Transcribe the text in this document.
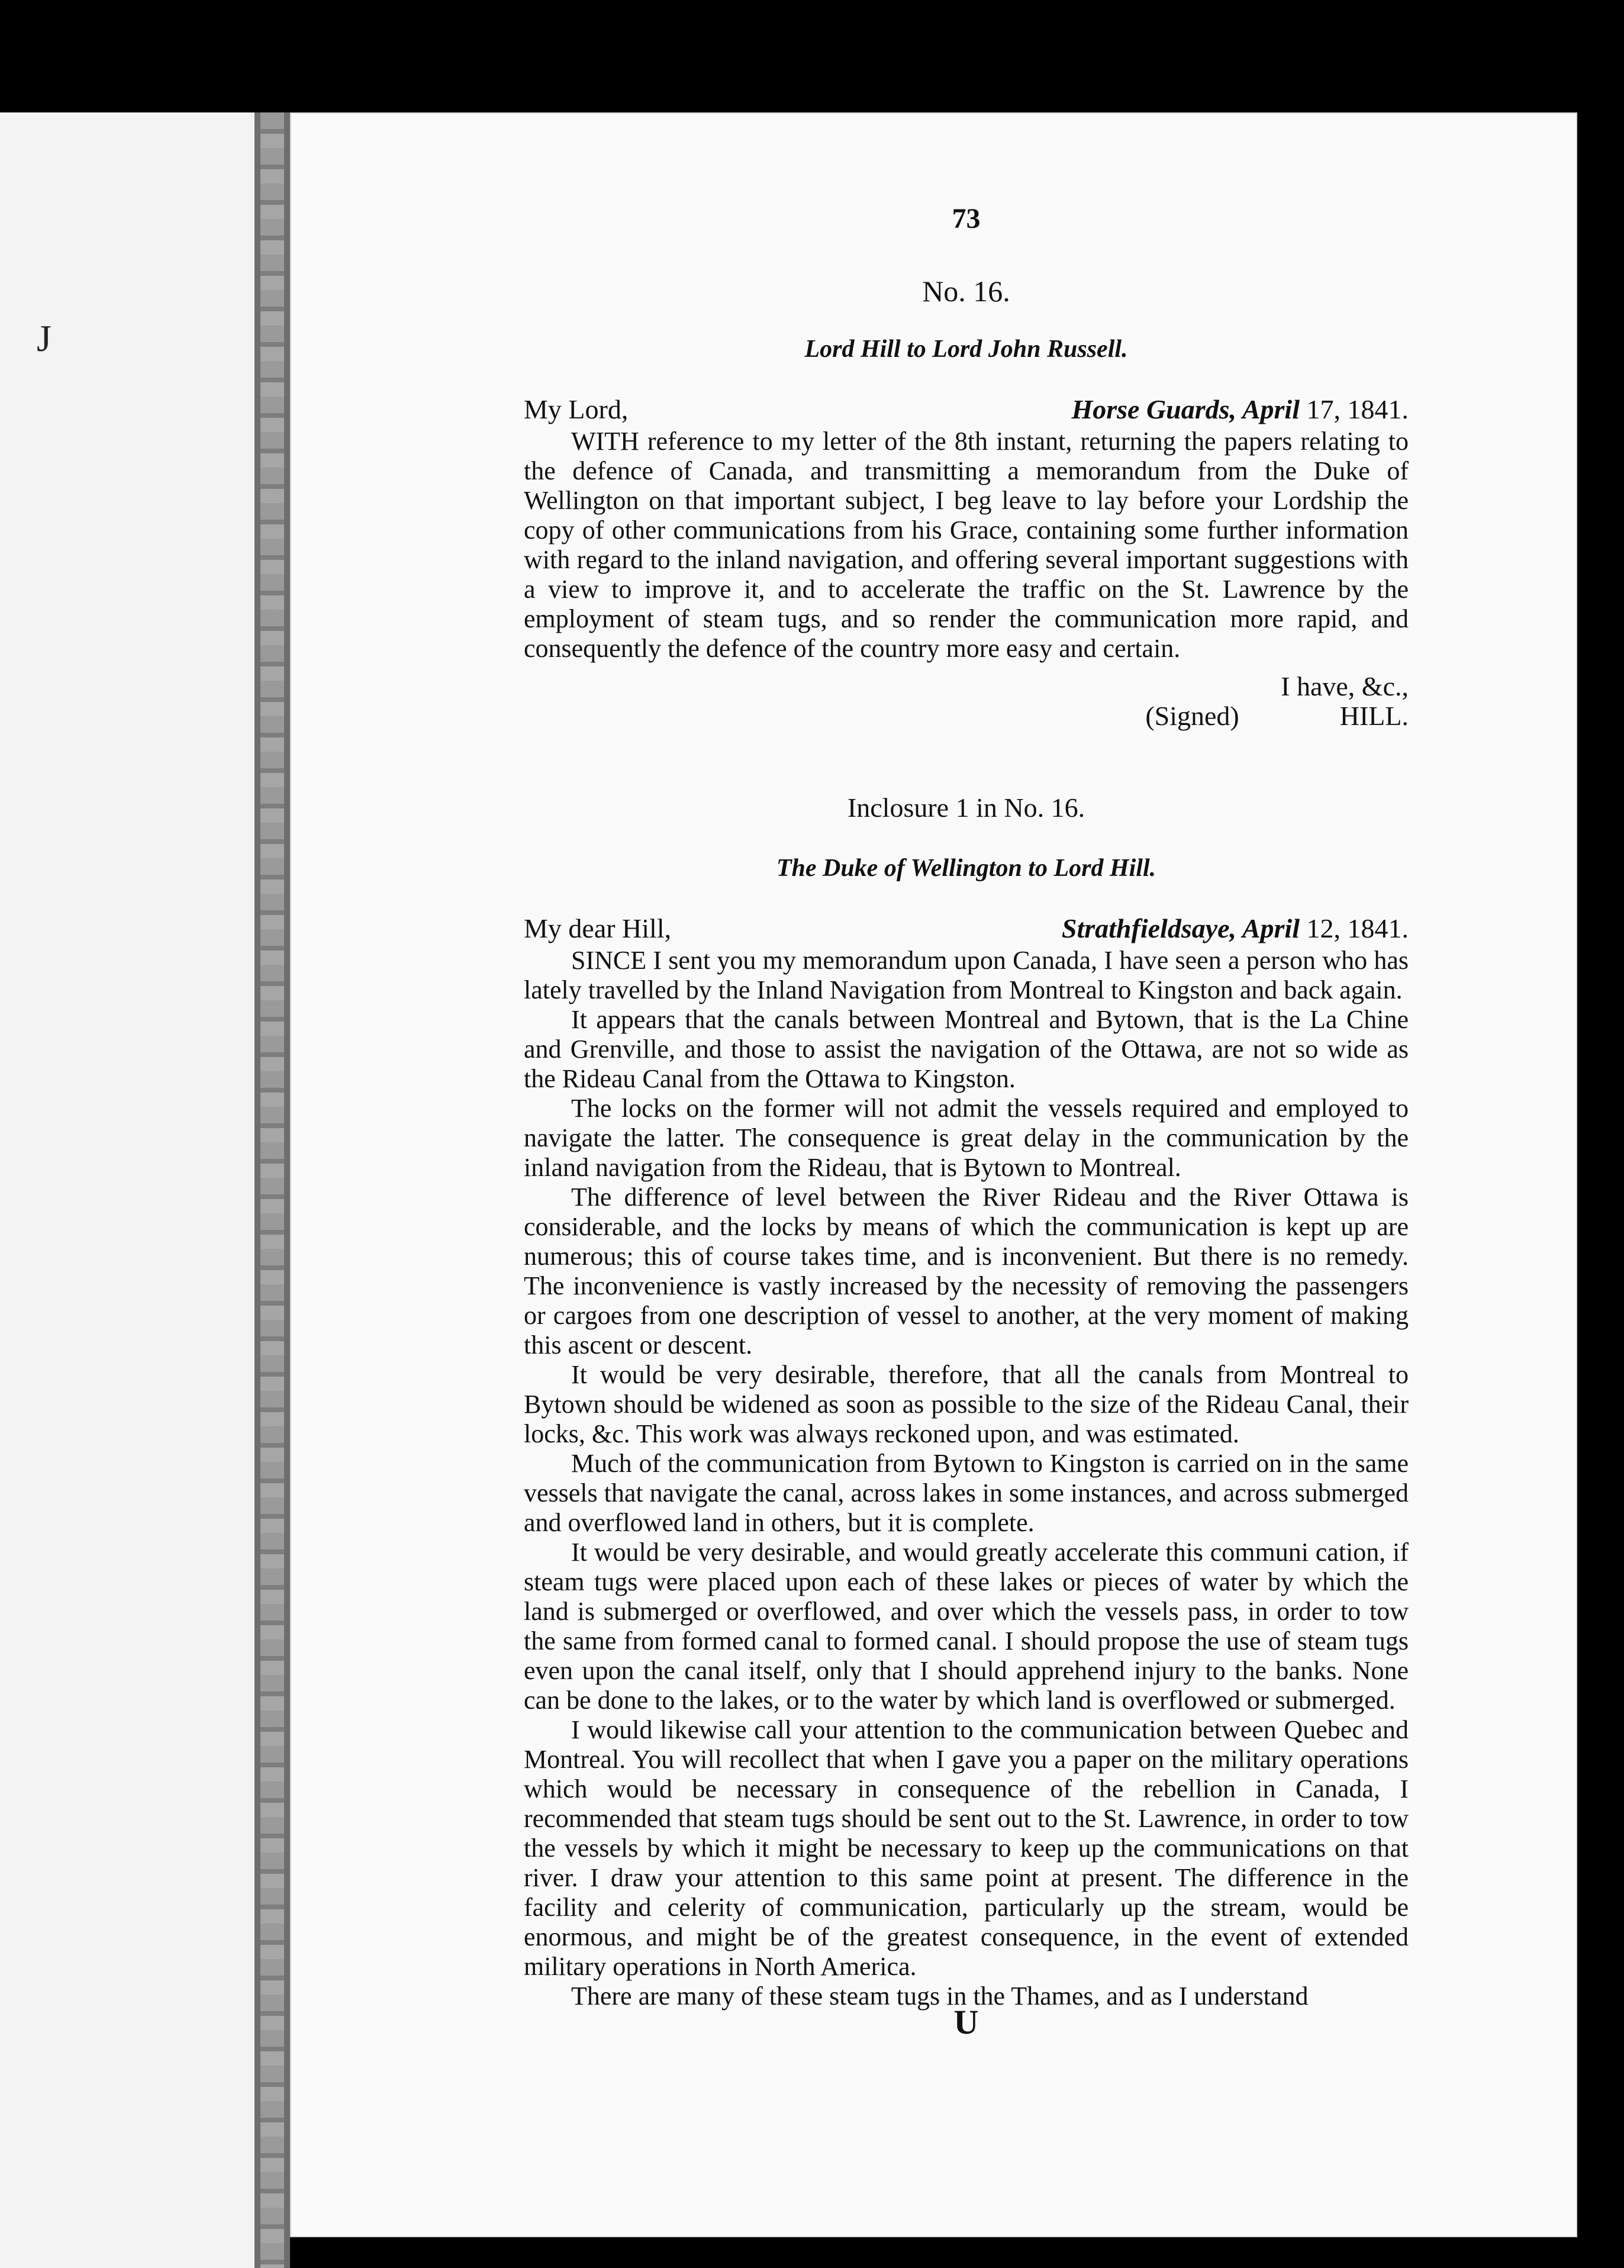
J
73
No. 16.
Lord Hill to Lord John Russell.
My Lord,	Horse Guards, April 17, 1841.

WITH reference to my letter of the 8th instant, returning the papers relating to the defence of Canada, and transmitting a memorandum from the Duke of Wellington on that important subject, I beg leave to lay before your Lordship the copy of other communications from his Grace, containing some further information with regard to the inland navigation, and offering several important suggestions with a view to improve it, and to accelerate the traffic on the St. Lawrence by the employment of steam tugs, and so render the communication more rapid, and consequently the defence of the country more easy and certain.

I have, &c.,
(Signed)	HILL.
Inclosure 1 in No. 16.
The Duke of Wellington to Lord Hill.
My dear Hill,	Strathfieldsaye, April 12, 1841.

SINCE I sent you my memorandum upon Canada, I have seen a person who has lately travelled by the Inland Navigation from Montreal to Kingston and back again.

It appears that the canals between Montreal and Bytown, that is the La Chine and Grenville, and those to assist the navigation of the Ottawa, are not so wide as the Rideau Canal from the Ottawa to Kingston.

The locks on the former will not admit the vessels required and employed to navigate the latter. The consequence is great delay in the communication by the inland navigation from the Rideau, that is Bytown to Montreal.

The difference of level between the River Rideau and the River Ottawa is considerable, and the locks by means of which the communication is kept up are numerous; this of course takes time, and is inconvenient. But there is no remedy. The inconvenience is vastly increased by the necessity of removing the passengers or cargoes from one description of vessel to another, at the very moment of making this ascent or descent.

It would be very desirable, therefore, that all the canals from Montreal to Bytown should be widened as soon as possible to the size of the Rideau Canal, their locks, &c. This work was always reckoned upon, and was estimated.

Much of the communication from Bytown to Kingston is carried on in the same vessels that navigate the canal, across lakes in some instances, and across submerged and overflowed land in others, but it is complete.

It would be very desirable, and would greatly accelerate this communi cation, if steam tugs were placed upon each of these lakes or pieces of water by which the land is submerged or overflowed, and over which the vessels pass, in order to tow the same from formed canal to formed canal. I should propose the use of steam tugs even upon the canal itself, only that I should apprehend injury to the banks. None can be done to the lakes, or to the water by which land is overflowed or submerged.

I would likewise call your attention to the communication between Quebec and Montreal. You will recollect that when I gave you a paper on the military operations which would be necessary in consequence of the rebellion in Canada, I recommended that steam tugs should be sent out to the St. Lawrence, in order to tow the vessels by which it might be necessary to keep up the communications on that river. I draw your attention to this same point at present. The difference in the facility and celerity of communication, particularly up the stream, would be enormous, and might be of the greatest consequence, in the event of extended military operations in North America.

There are many of these steam tugs in the Thames, and as I understand

U
